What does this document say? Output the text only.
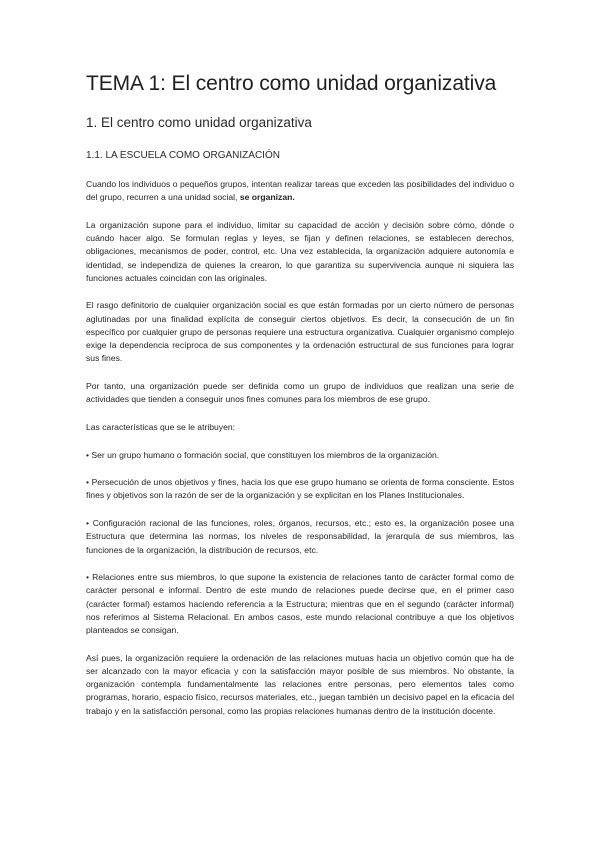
TEMA 1: El centro como unidad organizativa
1. El centro como unidad organizativa
1.1. LA ESCUELA COMO ORGANIZACIÓN

Cuando los individuos o pequeños grupos, intentan realizar tareas que exceden las posibilidades del individuo o del grupo, recurren a una unidad social, se organizan.

La organización supone para el individuo, limitar su capacidad de acción y decisión sobre cómo, dónde o cuándo hacer algo. Se formulan reglas y leyes, se fijan y definen relaciones, se establecen derechos, obligaciones, mecanismos de poder, control, etc. Una vez establecida, la organización adquiere autonomía e identidad, se independiza de quienes la crearon, lo que garantiza su supervivencia aunque ni siquiera las funciones actuales coincidan con las originales.

El rasgo definitorio de cualquier organización social es que están formadas por un cierto número de personas aglutinadas por una finalidad explícita de conseguir ciertos objetivos. Es decir, la consecución de un fin específico por cualquier grupo de personas requiere una estructura organizativa. Cualquier organismo complejo exige la dependencia recíproca de sus componentes y la ordenación estructural de sus funciones para lograr sus fines.

Por tanto, una organización puede ser definida como un grupo de individuos que realizan una serie de actividades que tienden a conseguir unos fines comunes para los miembros de ese grupo.

Las características que se le atribuyen:

• Ser un grupo humano o formación social, que constituyen los miembros de la organización.

• Persecución de unos objetivos y fines, hacia los que ese grupo humano se orienta de forma consciente. Estos fines y objetivos son la razón de ser de la organización y se explicitan en los Planes Institucionales.

• Configuración racional de las funciones, roles, órganos, recursos, etc.; esto es, la organización posee una Estructura que determina las normas, los niveles de responsabilidad, la jerarquía de sus miembros, las funciones de la organización, la distribución de recursos, etc.

• Relaciones entre sus miembros, lo que supone la existencia de relaciones tanto de carácter formal como de carácter personal e informal. Dentro de este mundo de relaciones puede decirse que, en el primer caso (carácter formal) estamos haciendo referencia a la Estructura; mientras que en el segundo (carácter informal) nos referimos al Sistema Relacional. En ambos casos, este mundo relacional contribuye a que los objetivos planteados se consigan.

Así pues, la organización requiere la ordenación de las relaciones mutuas hacia un objetivo común que ha de ser alcanzado con la mayor eficacia y con la satisfacción mayor posible de sus miembros. No obstante, la organización contempla fundamentalmente las relaciones entre personas, pero elementos tales como programas, horario, espacio físico, recursos materiales, etc., juegan también un decisivo papel en la eficacia del trabajo y en la satisfacción personal, como las propias relaciones humanas dentro de la institución docente.
